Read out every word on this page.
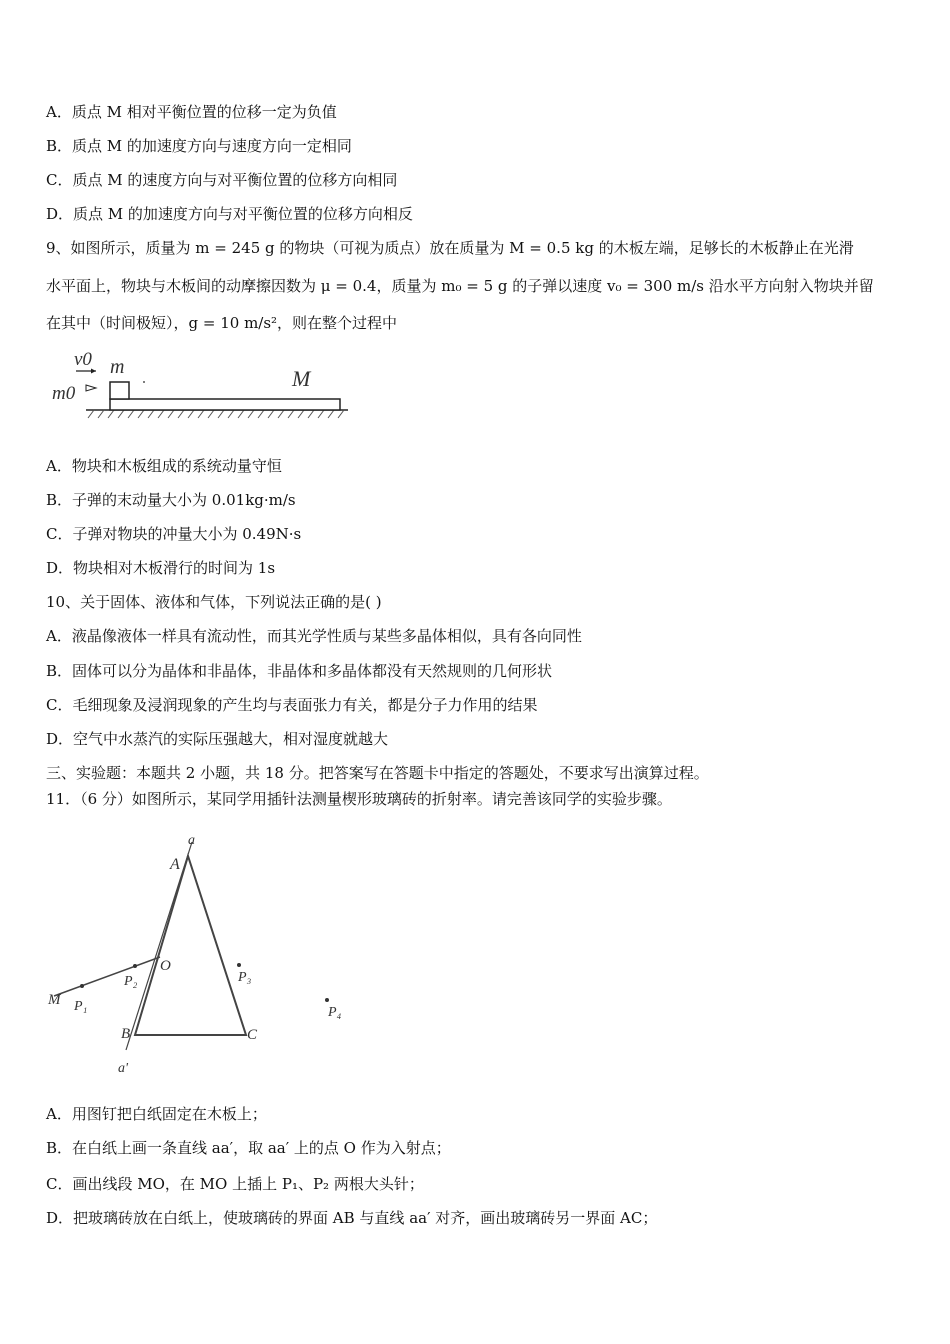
A．质点 M 相对平衡位置的位移一定为负值
B．质点 M 的加速度方向与速度方向一定相同
C．质点 M 的速度方向与对平衡位置的位移方向相同
D．质点 M 的加速度方向与对平衡位置的位移方向相反
9、如图所示，质量为 m = 245 g 的物块（可视为质点）放在质量为 M = 0.5 kg 的木板左端，足够长的木板静止在光滑
水平面上，物块与木板间的动摩擦因数为 μ = 0.4，质量为 m₀ = 5 g 的子弹以速度 v₀ = 300 m/s 沿水平方向射入物块并留
在其中（时间极短），g = 10 m/s²，则在整个过程中
v0 m
m0
M
A．物块和木板组成的系统动量守恒
B．子弹的末动量大小为 0.01kg·m/s
C．子弹对物块的冲量大小为 0.49N·s
D．物块相对木板滑行的时间为 1s
10、关于固体、液体和气体，下列说法正确的是( )
A．液晶像液体一样具有流动性，而其光学性质与某些多晶体相似，具有各向同性
B．固体可以分为晶体和非晶体，非晶体和多晶体都没有天然规则的几何形状
C．毛细现象及浸润现象的产生均与表面张力有关，都是分子力作用的结果
D．空气中水蒸汽的实际压强越大，相对湿度就越大
三、实验题：本题共 2 小题，共 18 分。把答案写在答题卡中指定的答题处，不要求写出演算过程。
11．（6 分）如图所示，某同学用插针法测量楔形玻璃砖的折射率。请完善该同学的实验步骤。
a
A
O
P₂
M P₁
P₃
P₄
B	C
a'
A．用图钉把白纸固定在木板上；
B．在白纸上画一条直线 aa′，取 aa′ 上的点 O 作为入射点；
C．画出线段 MO，在 MO 上插上 P₁、P₂ 两根大头针；
D．把玻璃砖放在白纸上，使玻璃砖的界面 AB 与直线 aa′ 对齐，画出玻璃砖另一界面 AC；
